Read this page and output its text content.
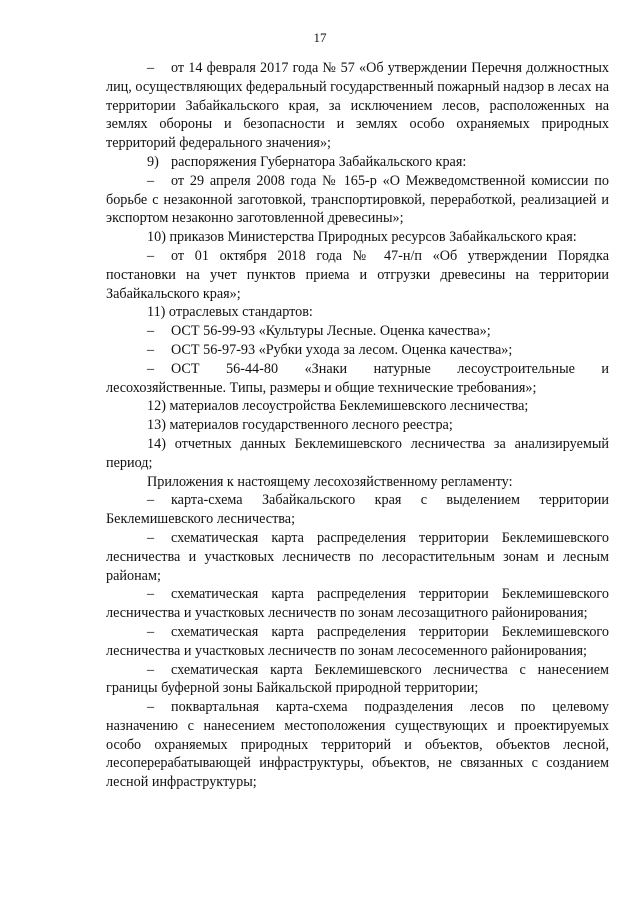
17

– от 14 февраля 2017 года № 57 «Об утверждении Перечня должностных лиц, осуществляющих федеральный государственный пожарный надзор в лесах на территории Забайкальского края, за исключением лесов, расположенных на землях обороны и безопасности и землях особо охраняемых природных территорий федерального значения»;

9) распоряжения Губернатора Забайкальского края:

– от 29 апреля 2008 года № 165-р «О Межведомственной комиссии по борьбе с незаконной заготовкой, транспортировкой, переработкой, реализацией и экспортом незаконно заготовленной древесины»;

10) приказов Министерства Природных ресурсов Забайкальского края:

– от 01 октября 2018 года № 47-н/п «Об утверждении Порядка постановки на учет пунктов приема и отгрузки древесины на территории Забайкальского края»;

11) отраслевых стандартов:

– ОСТ 56-99-93 «Культуры Лесные. Оценка качества»;

– ОСТ 56-97-93 «Рубки ухода за лесом. Оценка качества»;

– ОСТ 56-44-80 «Знаки натурные лесоустроительные и лесохозяйственные. Типы, размеры и общие технические требования»;

12) материалов лесоустройства Беклемишевского лесничества;

13) материалов государственного лесного реестра;

14) отчетных данных Беклемишевского лесничества за анализируемый период;

Приложения к настоящему лесохозяйственному регламенту:

– карта-схема Забайкальского края с выделением территории Беклемишевского лесничества;

– схематическая карта распределения территории Беклемишевского лесничества и участковых лесничеств по лесорастительным зонам и лесным районам;

– схематическая карта распределения территории Беклемишевского лесничества и участковых лесничеств по зонам лесозащитного районирования;

– схематическая карта распределения территории Беклемишевского лесничества и участковых лесничеств по зонам лесосеменного районирования;

– схематическая карта Беклемишевского лесничества с нанесением границы буферной зоны Байкальской природной территории;

– поквартальная карта-схема подразделения лесов по целевому назначению с нанесением местоположения существующих и проектируемых особо охраняемых природных территорий и объектов, объектов лесной, лесоперерабатывающей инфраструктуры, объектов, не связанных с созданием лесной инфраструктуры;
